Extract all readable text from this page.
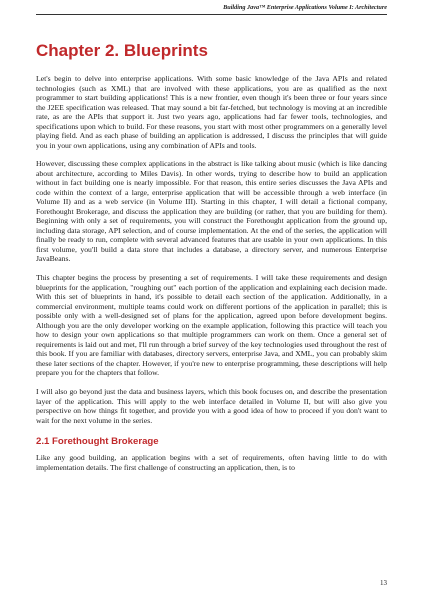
Building Java™ Enterprise Applications Volume I: Architecture
Chapter 2. Blueprints

Let's begin to delve into enterprise applications. With some basic knowledge of the Java APIs and related technologies (such as XML) that are involved with these applications, you are as qualified as the next programmer to start building applications! This is a new frontier, even though it's been three or four years since the J2EE specification was released. That may sound a bit far-fetched, but technology is moving at an incredible rate, as are the APIs that support it. Just two years ago, applications had far fewer tools, technologies, and specifications upon which to build. For these reasons, you start with most other programmers on a generally level playing field. And as each phase of building an application is addressed, I discuss the principles that will guide you in your own applications, using any combination of APIs and tools.

However, discussing these complex applications in the abstract is like talking about music (which is like dancing about architecture, according to Miles Davis). In other words, trying to describe how to build an application without in fact building one is nearly impossible. For that reason, this entire series discusses the Java APIs and code within the context of a large, enterprise application that will be accessible through a web interface (in Volume II) and as a web service (in Volume III). Starting in this chapter, I will detail a fictional company, Forethought Brokerage, and discuss the application they are building (or rather, that you are building for them). Beginning with only a set of requirements, you will construct the Forethought application from the ground up, including data storage, API selection, and of course implementation. At the end of the series, the application will finally be ready to run, complete with several advanced features that are usable in your own applications. In this first volume, you'll build a data store that includes a database, a directory server, and numerous Enterprise JavaBeans.

This chapter begins the process by presenting a set of requirements. I will take these requirements and design blueprints for the application, "roughing out" each portion of the application and explaining each decision made. With this set of blueprints in hand, it's possible to detail each section of the application. Additionally, in a commercial environment, multiple teams could work on different portions of the application in parallel; this is possible only with a well-designed set of plans for the application, agreed upon before development begins. Although you are the only developer working on the example application, following this practice will teach you how to design your own applications so that multiple programmers can work on them. Once a general set of requirements is laid out and met, I'll run through a brief survey of the key technologies used throughout the rest of this book. If you are familiar with databases, directory servers, enterprise Java, and XML, you can probably skim these later sections of the chapter. However, if you're new to enterprise programming, these descriptions will help prepare you for the chapters that follow.

I will also go beyond just the data and business layers, which this book focuses on, and describe the presentation layer of the application. This will apply to the web interface detailed in Volume II, but will also give you perspective on how things fit together, and provide you with a good idea of how to proceed if you don't want to wait for the next volume in the series.

2.1 Forethought Brokerage

Like any good building, an application begins with a set of requirements, often having little to do with implementation details. The first challenge of constructing an application, then, is to

13
